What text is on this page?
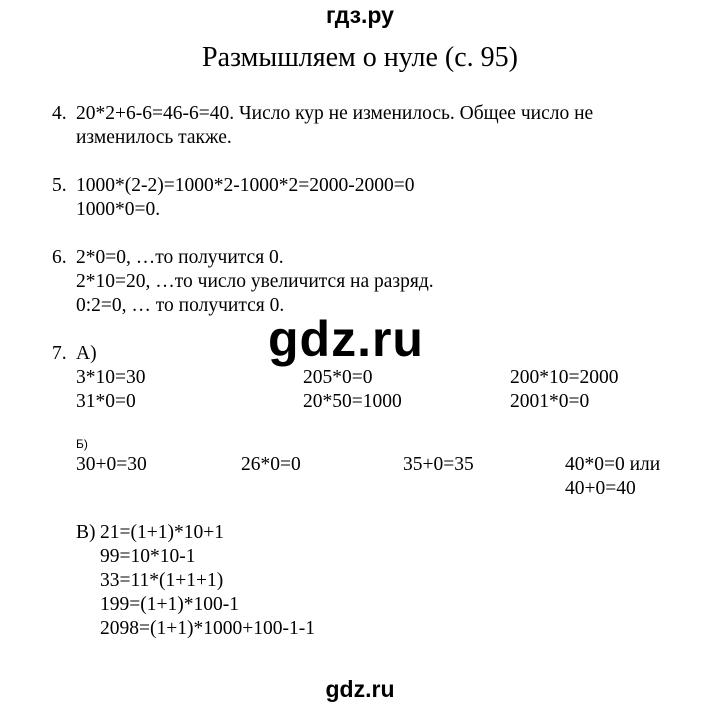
гдз.ру
Размышляем о нуле (с. 95)
4. 20*2+6-6=46-6=40. Число кур не изменилось. Общее число не
изменилось также.
5. 1000*(2-2)=1000*2-1000*2=2000-2000=0
1000*0=0.
6. 2*0=0, …то получится 0.
2*10=20, …то число увеличится на разряд.
0:2=0, … то получится 0.
gdz.ru
7. А)
3*10=30	205*0=0	200*10=2000
31*0=0	20*50=1000	2001*0=0
Б)
30+0=30	26*0=0	35+0=35	40*0=0 или
40+0=40
В) 21=(1+1)*10+1
99=10*10-1
33=11*(1+1+1)
199=(1+1)*100-1
2098=(1+1)*1000+100-1-1
gdz.ru
